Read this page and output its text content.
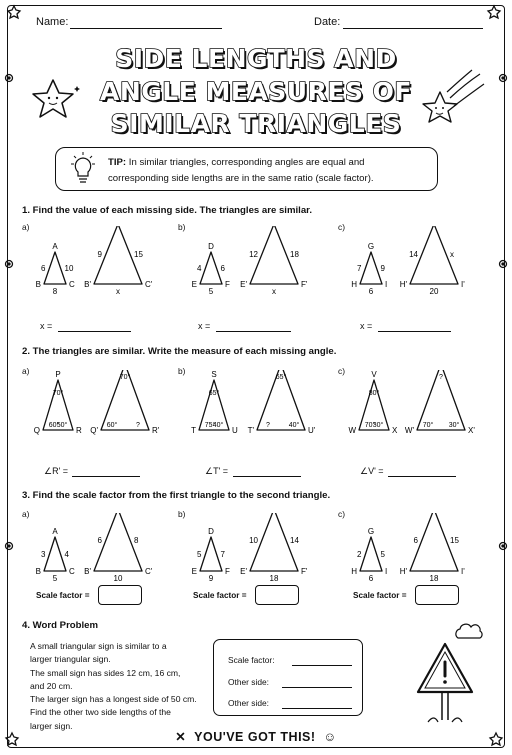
Name:	Date:
SIDE LENGTHS AND
ANGLE MEASURES OF
SIMILAR TRIANGLES
TIP: In similar triangles, corresponding angles are equal and corresponding side lengths are in the same ratio (scale factor).
1. Find the value of each missing side. The triangles are similar.
2. The triangles are similar. Write the measure of each missing angle.
3. Find the scale factor from the first triangle to the second triangle.
4. Word Problem
A small triangular sign is similar to a
larger triangular sign.
The small sign has sides 12 cm, 16 cm,
and 20 cm.
The larger sign has a longest side of 50 cm.
Find the other two side lengths of the
larger sign.
Scale factor:
Other side:
Other side:
✕  YOU'VE GOT THIS!  ☺
a)
A
B	C
6 10
8
B'	C'
9	15
x
b)
D
E	F
4 6
5
E'	F'
12	18
x
c)
G
H	I
7 9
6
H'	I'
14	x
20
a)	P
Q	R
70°
60°
50°
Q'	R'
70°
60°	?
b)	S
T	U
65°
75°
40°
T'	U'
65°
?	40°
c)	V
W	X
80°
70°
30°
W'	X'
?
70° 30°
a)
A
B	C
3 4
5
B'	C'
6	8
10
b)
D
E	F
5 7
9
E'	F'
10	14
18
c)
G
H	I
2 5
6
H'	I'
6	15
18
x =	x =	x =
∠R' =	∠T' =	∠V' =
Scale factor =	Scale factor =	Scale factor =
